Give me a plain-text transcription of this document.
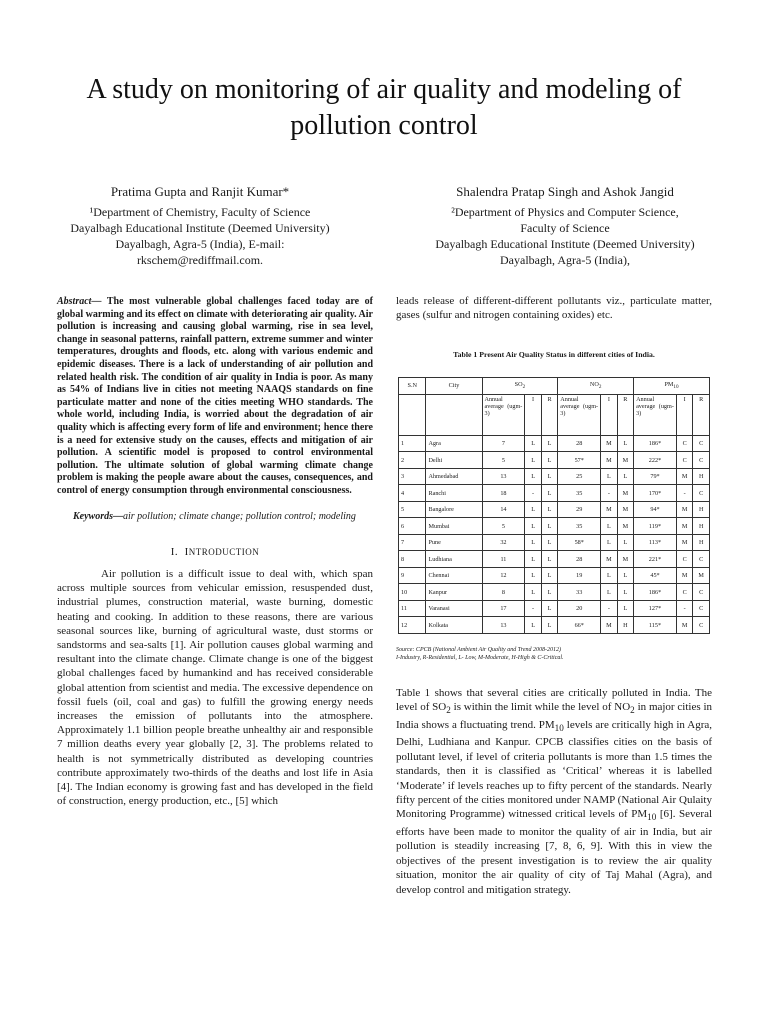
A study on monitoring of air quality and modeling of pollution control
Pratima Gupta and Ranjit Kumar*
¹Department of Chemistry, Faculty of Science
Dayalbagh Educational Institute (Deemed University)
Dayalbagh, Agra-5 (India), E-mail:
rkschem@rediffmail.com.
Shalendra Pratap Singh and Ashok Jangid
²Department of Physics and Computer Science,
Faculty of Science
Dayalbagh Educational Institute (Deemed University)
Dayalbagh, Agra-5 (India),
Abstract— The most vulnerable global challenges faced today are of global warming and its effect on climate with deteriorating air quality. Air pollution is increasing and causing global warming, rise in sea level, change in seasonal patterns, rainfall pattern, extreme summer and winter temperatures, droughts and floods, etc. along with various endemic and epidemic diseases. There is a lack of understanding of air pollution and related health risk. The condition of air quality in India is poor. As many as 54% of Indians live in cities not meeting NAAQS standards on fine particulate matter and none of the cities meeting WHO standards. The whole world, including India, is worried about the degradation of air quality which is affecting every form of life and environment; hence there is a need for extensive study on the causes, effects and mitigation of air pollution. A scientific model is proposed to control environmental pollution. The ultimate solution of global warming climate change problem is making the people aware about the causes, consequences, and control of energy consumption through environmental consciousness.
Keywords—air pollution; climate change; pollution control; modeling
I. INTRODUCTION
Air pollution is a difficult issue to deal with, which span across multiple sources from vehicular emission, resuspended dust, industrial plumes, construction material, waste burning, domestic heating and cooking. In addition to these reasons, there are various seasonal sources like, burning of agricultural waste, dust storms or sandstorms and sea-salts [1]. Air pollution causes global warming and resultant into the climate change. Climate change is one of the biggest global challenges faced by humankind and has received considerable global attention from scientist and media. The excessive dependence on fossil fuels (oil, coal and gas) to fulfill the growing energy needs increases the emission of pollutants into the atmosphere. Approximately 1.1 billion people breathe unhealthy air and responsible 7 million deaths every year globally [2, 3]. The problems related to health is not symmetrically distributed as developing countries contribute approximately two-thirds of the deaths and lost life in Asia [4]. The Indian economy is growing fast and has developed in the field of construction, energy production, etc., [5] which
leads release of different-different pollutants viz., particulate matter, gases (sulfur and nitrogen containing oxides) etc.
Table 1 Present Air Quality Status in different cities of India.
S.N	City	$SO_2$			$NO_2$			$PM_{10}$
		Annual average (ugm-3)	I	R	Annual average (ugm-3)	I	R	Annual average (ugm-3)	I	R
1	Agra	7	L	L	28	M	L	186*	C	C
2	Delhi	5	L	L	57*	M	M	222*	C	C
3	Ahmedabad	13	L	L	25	L	L	79*	M	H
4	Ranchi	18	-	L	35	-	M	170*	-	C
5	Bangalore	14	L	L	29	M	M	94*	M	H
6	Mumbai	5	L	L	35	L	M	119*	M	H
7	Pune	32	L	L	58*	L	L	113*	M	H
8	Ludhiana	11	L	L	28	M	M	221*	C	C
9	Chennai	12	L	L	19	L	L	45*	M	M
10	Kanpur	8	L	L	33	L	L	186*	C	C
11	Varanasi	17	-	L	20	-	L	127*	-	C
12	Kolkata	13	L	L	66*	M	H	115*	M	C
Source: CPCB (National Ambient Air Quality and Trend 2008-2012)
I-Industry, R-Residential, L- Low, M-Moderate, H-High & C-Critical.
Table 1 shows that several cities are critically polluted in India. The level of $SO_2$ is within the limit while the level of $NO_2$ in major cities in India shows a fluctuating trend. $PM_{10}$ levels are critically high in Agra, Delhi, Ludhiana and Kanpur. CPCB classifies cities on the basis of pollutant level, if level of criteria pollutants is more than 1.5 times the standards, then it is classified as ‘Critical’ whereas it is labelled ‘Moderate’ if levels reaches up to fifty percent of the standards. Nearly fifty percent of the cities monitored under NAMP (National Air Qulaity Monitoring Programme) witnessed critical levels of $PM_{10}$ [6]. Several efforts have been made to monitor the quality of air in India, but air pollution is steadily increasing [7, 8, 6, 9]. With this in view the objectives of the present investigation is to review the air quality situation, monitor the air quality of city of Taj Mahal (Agra), and develop control and mitigation strategy.
